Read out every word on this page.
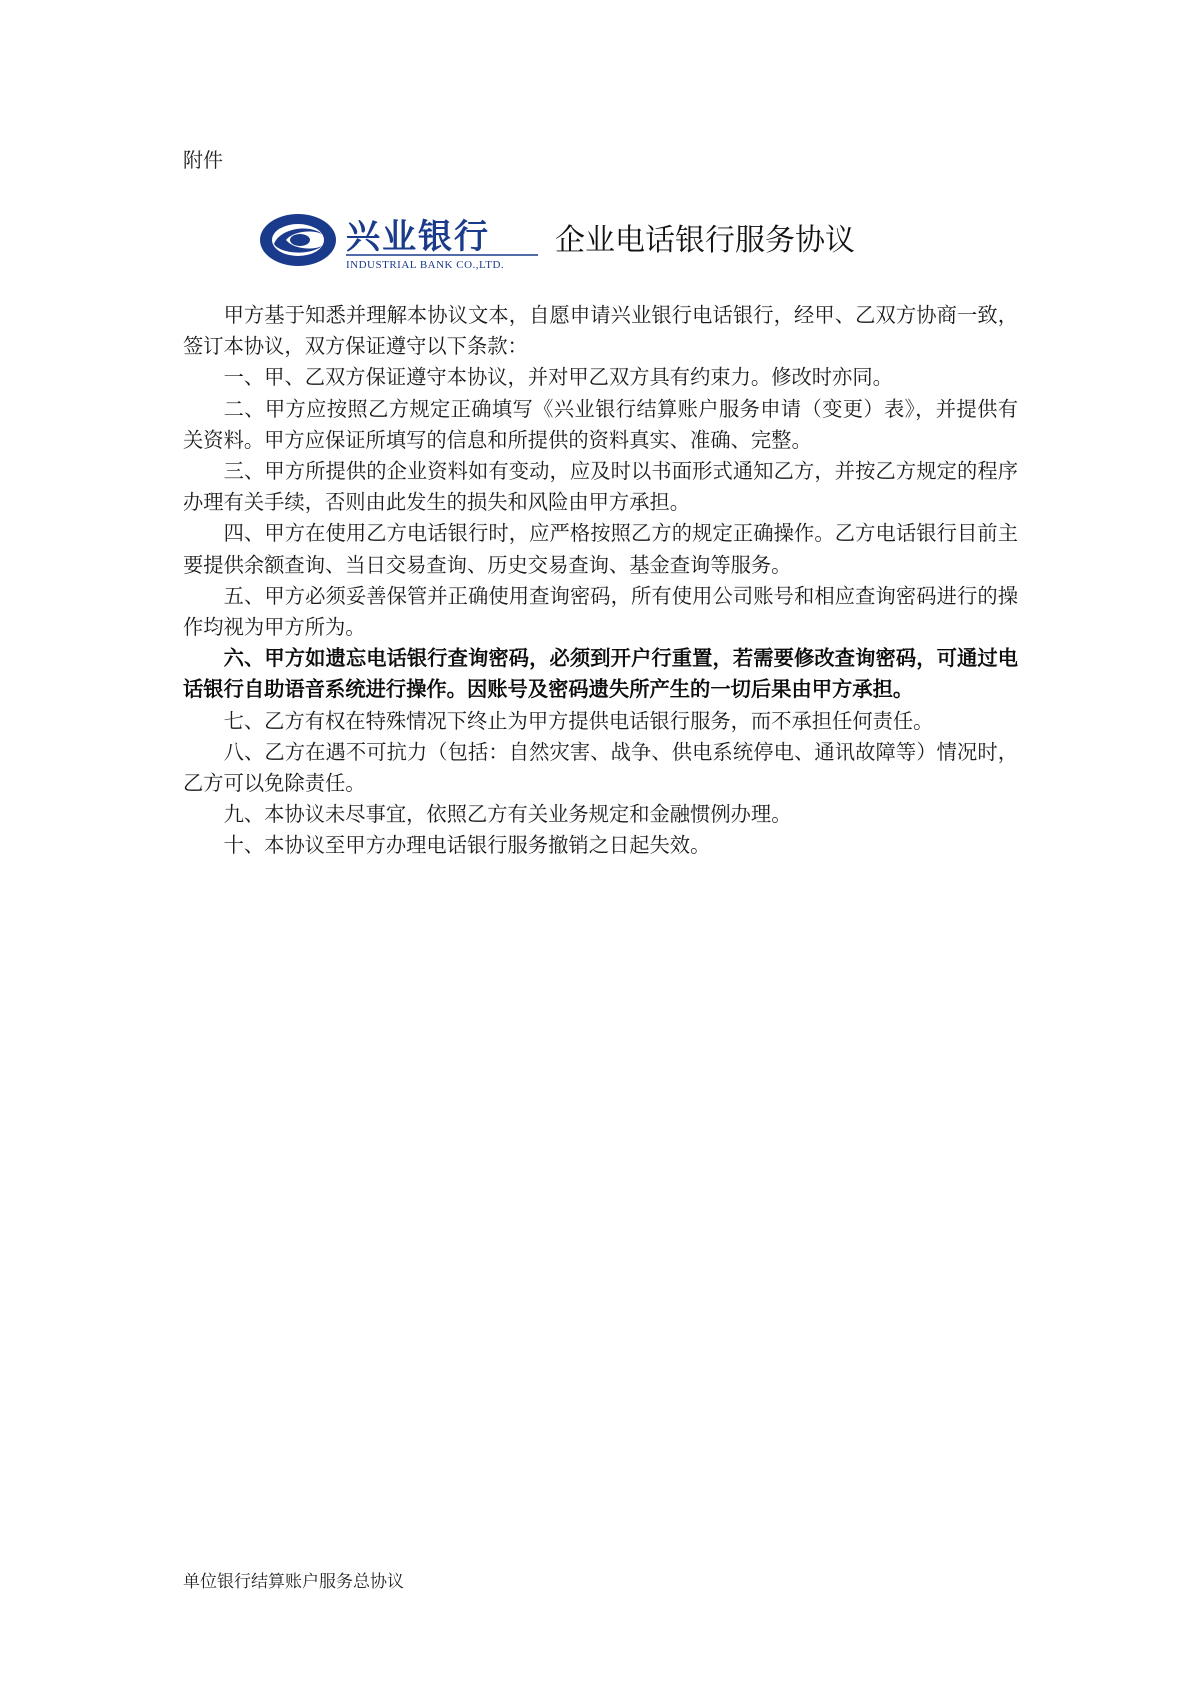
附件
兴业银行
INDUSTRIAL BANK CO.,LTD.
企业电话银行服务协议

甲方基于知悉并理解本协议文本，自愿申请兴业银行电话银行，经甲、乙双方协商一致，签订本协议，双方保证遵守以下条款：

一、甲、乙双方保证遵守本协议，并对甲乙双方具有约束力。修改时亦同。

二、甲方应按照乙方规定正确填写《兴业银行结算账户服务申请（变更）表》，并提供有关资料。甲方应保证所填写的信息和所提供的资料真实、准确、完整。

三、甲方所提供的企业资料如有变动，应及时以书面形式通知乙方，并按乙方规定的程序办理有关手续，否则由此发生的损失和风险由甲方承担。

四、甲方在使用乙方电话银行时，应严格按照乙方的规定正确操作。乙方电话银行目前主要提供余额查询、当日交易查询、历史交易查询、基金查询等服务。

五、甲方必须妥善保管并正确使用查询密码，所有使用公司账号和相应查询密码进行的操作均视为甲方所为。

六、甲方如遗忘电话银行查询密码，必须到开户行重置，若需要修改查询密码，可通过电话银行自助语音系统进行操作。因账号及密码遗失所产生的一切后果由甲方承担。

七、乙方有权在特殊情况下终止为甲方提供电话银行服务，而不承担任何责任。

八、乙方在遇不可抗力（包括：自然灾害、战争、供电系统停电、通讯故障等）情况时，乙方可以免除责任。

九、本协议未尽事宜，依照乙方有关业务规定和金融惯例办理。

十、本协议至甲方办理电话银行服务撤销之日起失效。

单位银行结算账户服务总协议
